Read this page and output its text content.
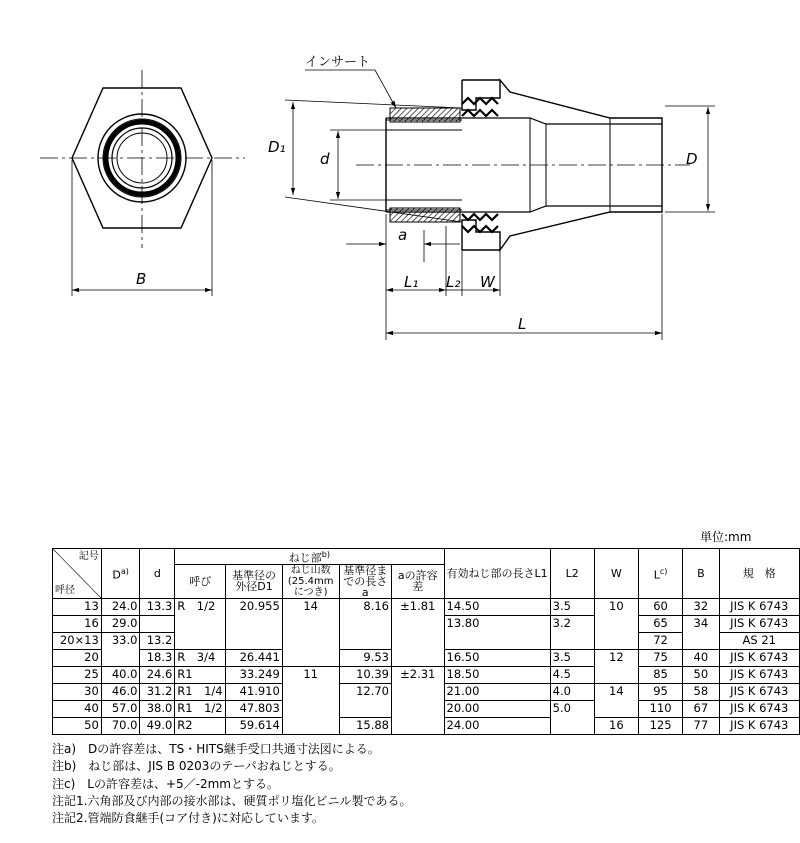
B
インサート
D₁
d	D
a
L₁ L₂ W
L
単位:mm
記号
呼径	$D^{a)}$	d	ねじ部$^{b)}$					有効ねじ部の長さL1	L2	W	$L^{c)}$	B	規　格
			呼び	基準径の外径D1	ねじ山数(25.4mmにつき)	基準径までの長さa	aの許容差						
13	24.0	13.3	R　1/2	20.955	14	8.16	±1.81	14.50	3.5	10	60	32	JIS K 6743
16	29.0							13.80	3.2		65	34	JIS K 6743
20×13	33.0	13.2									72		AS 21
20		18.3	R　3/4	26.441		9.53		16.50	3.5	12	75	40	JIS K 6743
25	40.0	24.6	R1	33.249	11	10.39	±2.31	18.50	4.5		85	50	JIS K 6743
30	46.0	31.2	R1　1/4	41.910		12.70		21.00	4.0	14	95	58	JIS K 6743
40	57.0	38.0	R1　1/2	47.803				20.00	5.0		110	67	JIS K 6743
50	70.0	49.0	R2	59.614		15.88		24.00		16	125	77	JIS K 6743
注a)　Dの許容差は、TS・HITS継手受口共通寸法図による。
注b)　ねじ部は、JIS B 0203のテーパおねじとする。
注c)　Lの許容差は、+5／-2mmとする。
注記1.六角部及び内部の接水部は、硬質ポリ塩化ビニル製である。
注記2.管端防食継手(コア付き)に対応しています。
